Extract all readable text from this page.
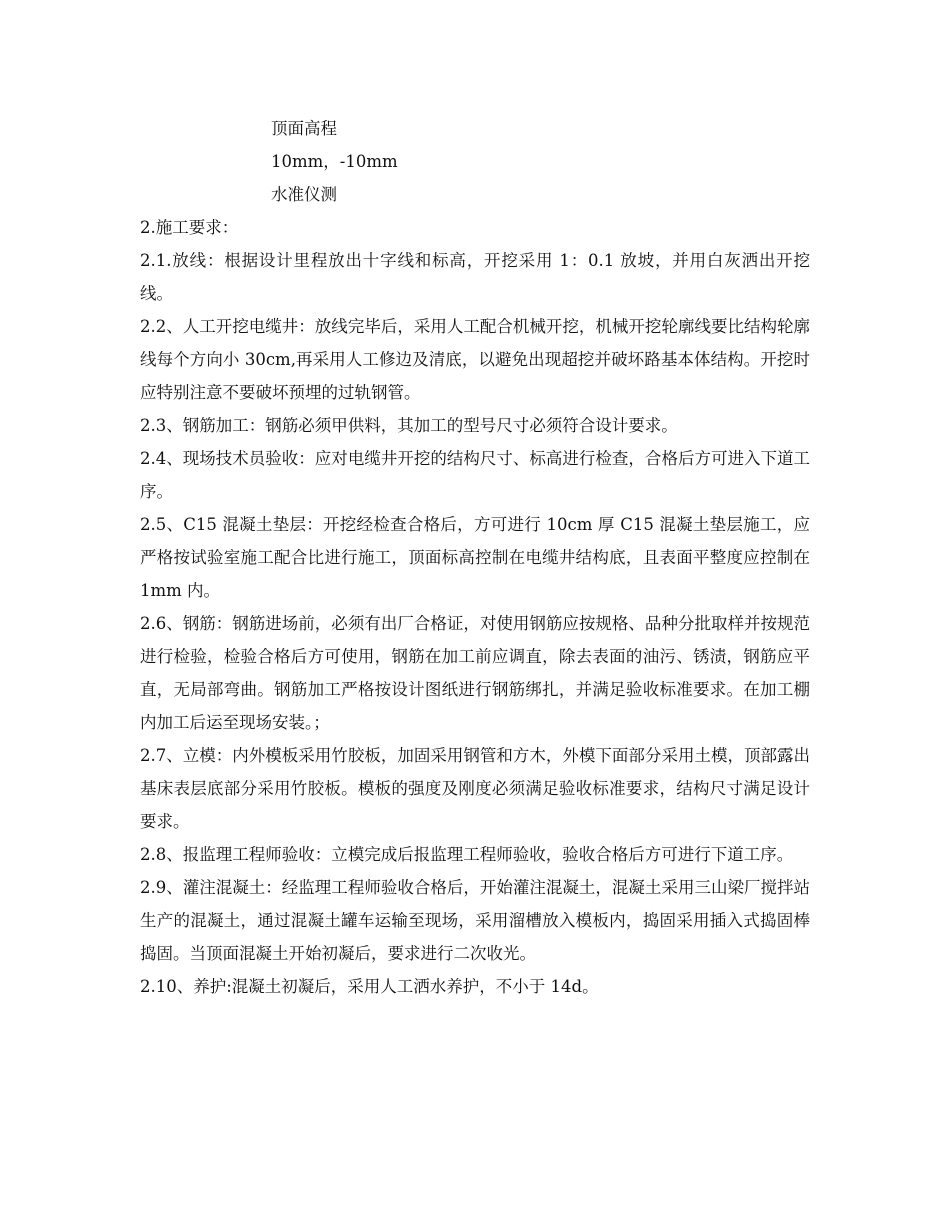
顶面高程

10mm，-10mm

水准仪测

2.施工要求：

2.1.放线：根据设计里程放出十字线和标高，开挖采用 1：0.1 放坡，并用白灰洒出开挖线。

2.2、人工开挖电缆井：放线完毕后，采用人工配合机械开挖，机械开挖轮廓线要比结构轮廓线每个方向小 30cm,再采用人工修边及清底，以避免出现超挖并破坏路基本体结构。开挖时应特别注意不要破坏预埋的过轨钢管。

2.3、钢筋加工：钢筋必须甲供料，其加工的型号尺寸必须符合设计要求。

2.4、现场技术员验收：应对电缆井开挖的结构尺寸、标高进行检查，合格后方可进入下道工序。

2.5、C15 混凝土垫层：开挖经检查合格后，方可进行 10cm 厚 C15 混凝土垫层施工，应严格按试验室施工配合比进行施工，顶面标高控制在电缆井结构底，且表面平整度应控制在 1mm 内。

2.6、钢筋：钢筋进场前，必须有出厂合格证，对使用钢筋应按规格、品种分批取样并按规范进行检验，检验合格后方可使用，钢筋在加工前应调直，除去表面的油污、锈渍，钢筋应平直，无局部弯曲。钢筋加工严格按设计图纸进行钢筋绑扎，并满足验收标准要求。在加工棚内加工后运至现场安装。；

2.7、立模：内外模板采用竹胶板，加固采用钢管和方木，外模下面部分采用土模，顶部露出基床表层底部分采用竹胶板。模板的强度及刚度必须满足验收标准要求，结构尺寸满足设计要求。

2.8、报监理工程师验收：立模完成后报监理工程师验收，验收合格后方可进行下道工序。

2.9、灌注混凝土：经监理工程师验收合格后，开始灌注混凝土，混凝土采用三山梁厂搅拌站生产的混凝土，通过混凝土罐车运输至现场，采用溜槽放入模板内，捣固采用插入式捣固棒捣固。当顶面混凝土开始初凝后，要求进行二次收光。

2.10、养护:混凝土初凝后，采用人工洒水养护，不小于 14d。
